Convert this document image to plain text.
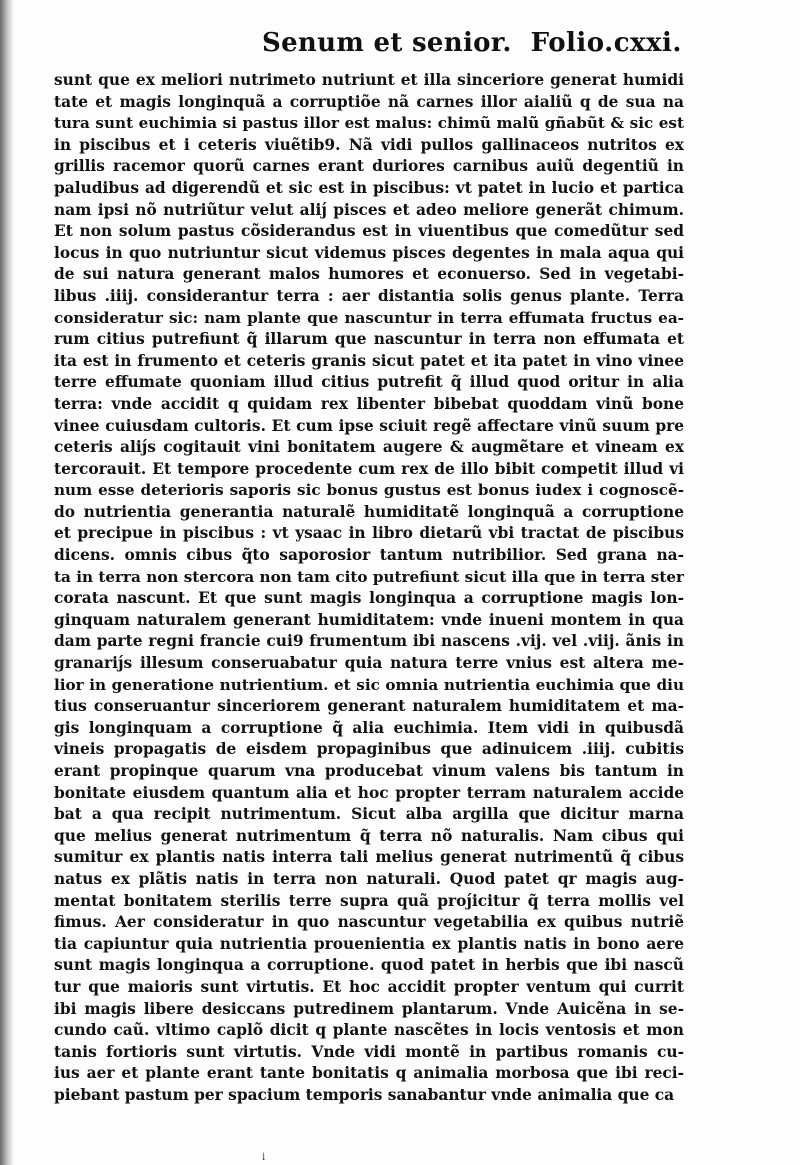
Senum et senior. Folio.cxxi.
sunt que ex meliori nutrimeto nutriunt et illa sinceriore generat humidi
tate et magis longinquã a corruptiõe nã carnes illor aialiũ q de sua na
tura sunt euchimia si pastus illor est malus: chimũ malũ gñabũt & sic est
in piscibus et i ceteris viuẽtib9. Nã vidi pullos gallinaceos nutritos ex
grillis racemor quorũ carnes erant duriores carnibus auiũ degentiũ in
paludibus ad digerendũ et sic est in piscibus: vt patet in lucio et partica
nam ipsi nõ nutriũtur velut aliȷ́ pisces et adeo meliore generãt chimum.
Et non solum pastus cõsiderandus est in viuentibus que comedũtur sed
locus in quo nutriuntur sicut videmus pisces degentes in mala aqua qui
de sui natura generant malos humores et econuerso. Sed in vegetabi-
libus .iiij. considerantur terra : aer distantia solis genus plante. Terra
consideratur sic: nam plante que nascuntur in terra effumata fructus ea-
rum citius putrefiunt q̃ illarum que nascuntur in terra non effumata et
ita est in frumento et ceteris granis sicut patet et ita patet in vino vinee
terre effumate quoniam illud citius putrefit q̃ illud quod oritur in alia
terra: vnde accidit q quidam rex libenter bibebat quoddam vinũ bone
vinee cuiusdam cultoris. Et cum ipse sciuit regẽ affectare vinũ suum pre
ceteris aliȷ́s cogitauit vini bonitatem augere & augmẽtare et vineam ex
tercorauit. Et tempore procedente cum rex de illo bibit competit illud vi
num esse deterioris saporis sic bonus gustus est bonus iudex i cognoscẽ-
do nutrientia generantia naturalẽ humiditatẽ longinquã a corruptione
et precipue in piscibus : vt ysaac in libro dietarũ vbi tractat de piscibus
dicens. omnis cibus q̃to saporosior tantum nutribilior. Sed grana na-
ta in terra non stercora non tam cito putrefiunt sicut illa que in terra ster
corata nascunt. Et que sunt magis longinqua a corruptione magis lon-
ginquam naturalem generant humiditatem: vnde inueni montem in qua
dam parte regni francie cui9 frumentum ibi nascens .vij. vel .viij. ãnis in
granariȷ́s illesum conseruabatur quia natura terre vnius est altera me-
lior in generatione nutrientium. et sic omnia nutrientia euchimia que diu
tius conseruantur sinceriorem generant naturalem humiditatem et ma-
gis longinquam a corruptione q̃ alia euchimia. Item vidi in quibusdã
vineis propagatis de eisdem propaginibus que adinuicem .iiij. cubitis
erant propinque quarum vna producebat vinum valens bis tantum in
bonitate eiusdem quantum alia et hoc propter terram naturalem accide
bat a qua recipit nutrimentum. Sicut alba argilla que dicitur marna
que melius generat nutrimentum q̃ terra nõ naturalis. Nam cibus qui
sumitur ex plantis natis interra tali melius generat nutrimentũ q̃ cibus
natus ex plãtis natis in terra non naturali. Quod patet qr magis aug-
mentat bonitatem sterilis terre supra quã proȷ́icitur q̃ terra mollis vel
fimus. Aer consideratur in quo nascuntur vegetabilia ex quibus nutriẽ
tia capiuntur quia nutrientia prouenientia ex plantis natis in bono aere
sunt magis longinqua a corruptione. quod patet in herbis que ibi nascũ
tur que maioris sunt virtutis. Et hoc accidit propter ventum qui currit
ibi magis libere desiccans putredinem plantarum. Vnde Auicẽna in se-
cundo caũ. vltimo caplõ dicit q plante nascẽtes in locis ventosis et mon
tanis fortioris sunt virtutis. Vnde vidi montẽ in partibus romanis cu-
ius aer et plante erant tante bonitatis q animalia morbosa que ibi reci-
piebant pastum per spacium temporis sanabantur vnde animalia que ca
ⅰ
